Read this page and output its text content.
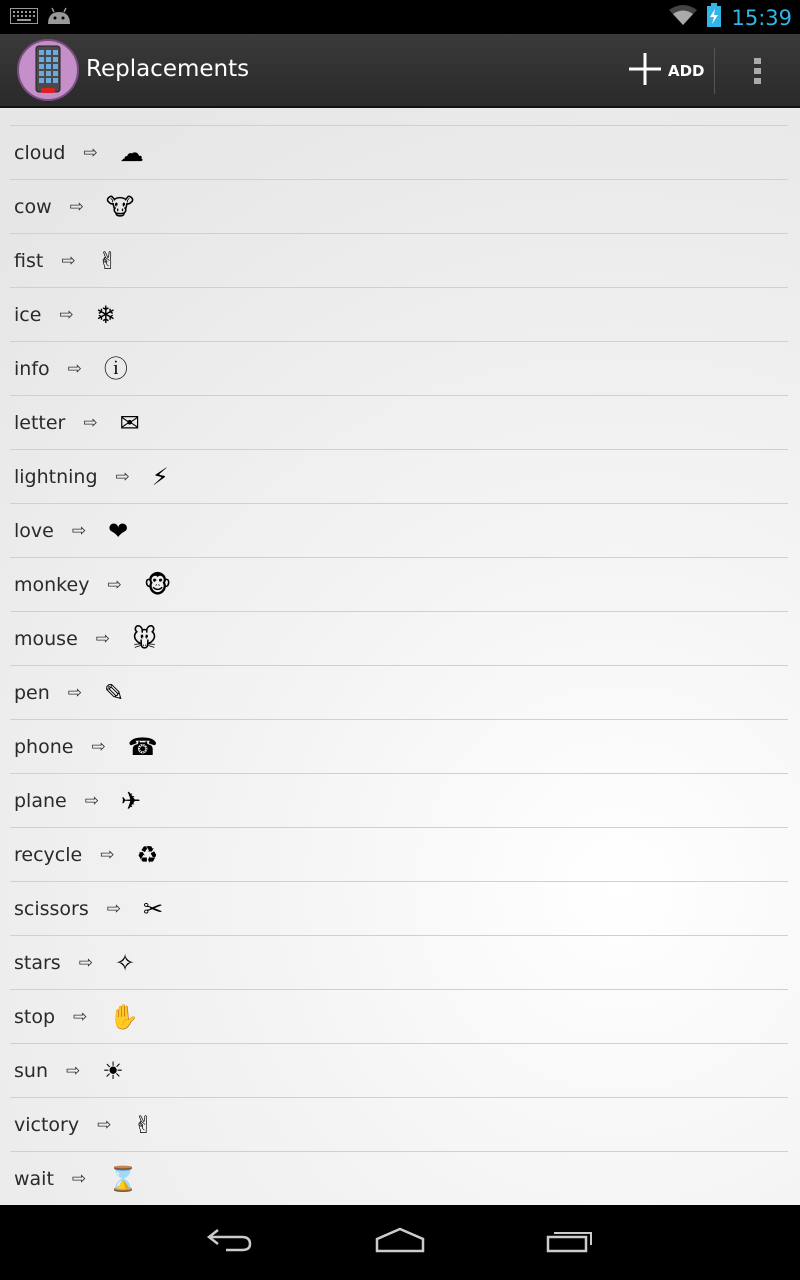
15:39
Replacements	ADD
cloud ⇨ ☁
cow ⇨ 🐮
fist ⇨ ✌
ice ⇨ ❄
info ⇨ ⓘ
letter ⇨ ✉
lightning ⇨ ⚡
love ⇨ ❤
monkey ⇨ 🐵
mouse ⇨ 🐭
pen ⇨ ✎
phone ⇨ ☎
plane ⇨ ✈
recycle ⇨ ♻
scissors ⇨ ✂
stars ⇨ ✧
stop ⇨ ✋
sun ⇨ ☀
victory ⇨ ✌
wait ⇨ ⌛
